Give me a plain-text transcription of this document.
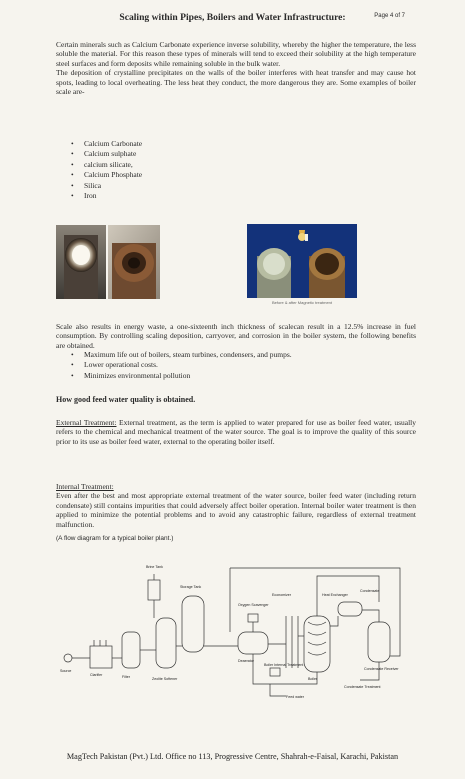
Scaling within Pipes, Boilers and Water Infrastructure:	Page 4 of 7

Certain minerals such as Calcium Carbonate experience inverse solubility, whereby the higher the temperature, the less soluble the material. For this reason these types of minerals will tend to exceed their solubility at the high temperature steel surfaces and form deposits while remaining soluble in the bulk water.

The deposition of crystalline precipitates on the walls of the boiler interferes with heat transfer and may cause hot spots, leading to local overheating. The less heat they conduct, the more dangerous they are. Some examples of boiler scale are-

• Calcium Carbonate
• Calcium sulphate
• calcium silicate,
• Calcium Phosphate
• Silica
• Iron
Before & after Magnetic treatment

Scale also results in energy waste, a one-sixteenth inch thickness of scalecan result in a 12.5% increase in fuel consumption. By controlling scaling deposition, carryover, and corrosion in the boiler system, the following benefits are obtained.

• Maximum life out of boilers, steam turbines, condensers, and pumps.
• Lower operational costs.
• Minimizes environmental pollution
How good feed water quality is obtained.

External Treatment: External treatment, as the term is applied to water prepared for use as boiler feed water, usually refers to the chemical and mechanical treatment of the water source. The goal is to improve the quality of this source prior to its use as boiler feed water, external to the operating boiler itself.

Internal Treatment:

Even after the best and most appropriate external treatment of the water source, boiler feed water (including return condensate) still contains impurities that could adversely affect boiler operation. Internal boiler water treatment is then applied to minimize the potential problems and to avoid any catastrophic failure, regardless of external treatment malfunction.

(A flow diagram for a typical boiler plant.)
Brine Tank
Storage Tank
Source
Clarifier	Filter	Zeolite Softener
Deaerator
Oxygen Scavenger
Economizer	Heat Exchanger
Condensate
Boiler
Boiler Internal Treatment
Condensate Receiver
Condensate Treatment
Feed water
MagTech Pakistan (Pvt.) Ltd. Office no 113, Progressive Centre, Shahrah-e-Faisal, Karachi, Pakistan
